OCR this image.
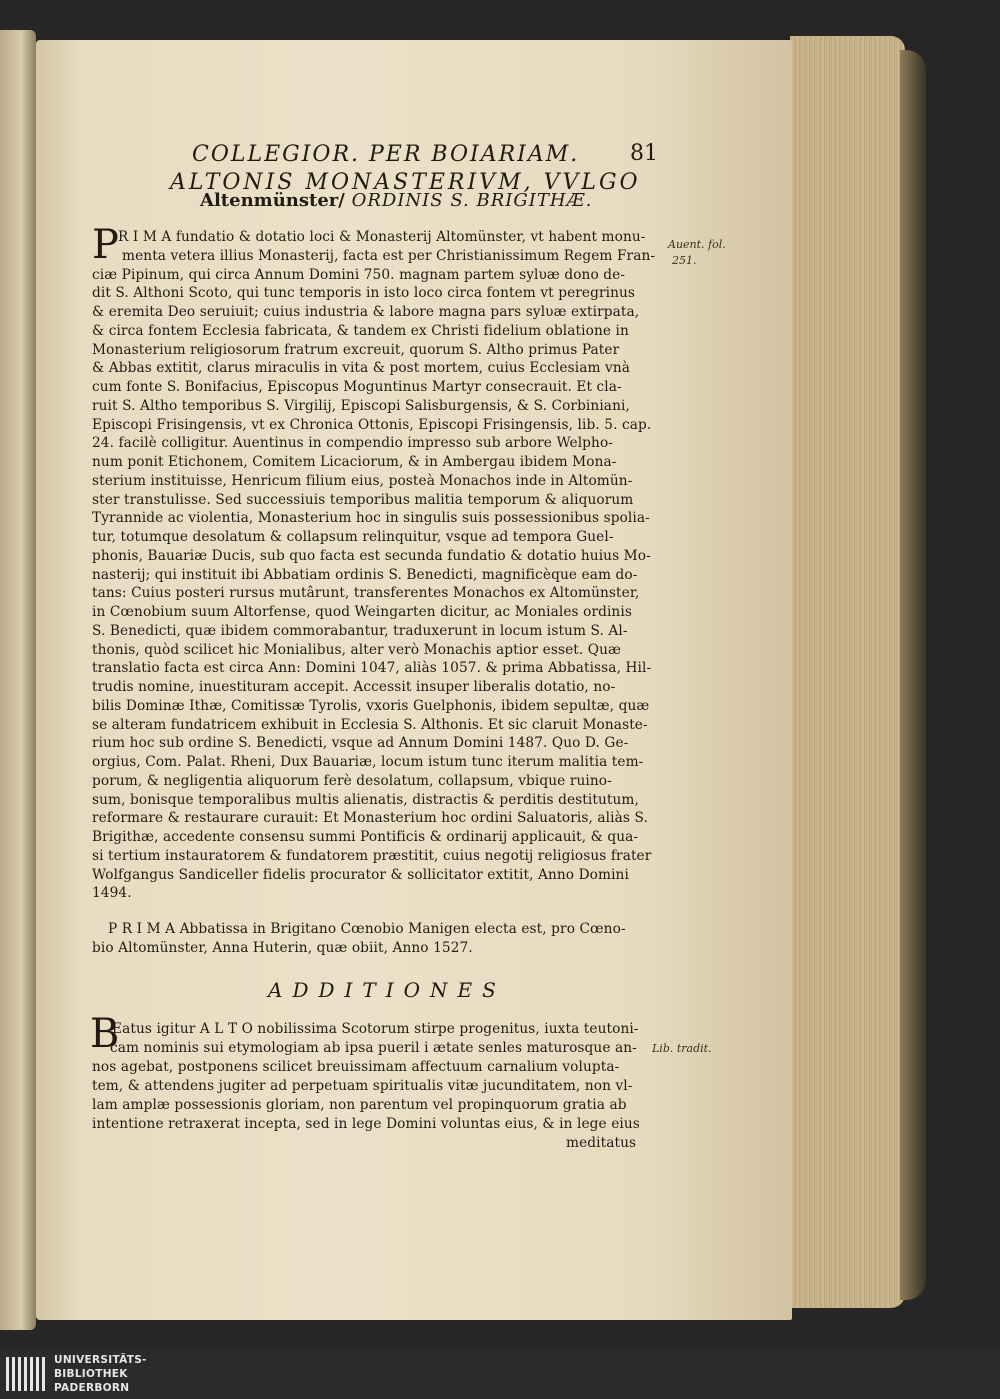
COLLEGIOR. PER BOIARIAM. 81
ALTONIS MONASTERIVM, VVLGO
Altenmünster/ ORDINIS S. BRIGITHÆ.
P R I M A fundatio & dotatio loci & Monasterij Altomünster, vt habent monu-
menta vetera illius Monasterij, facta est per Christianissimum Regem Fran-
ciæ Pipinum, qui circa Annum Domini 750. magnam partem sylυæ dono de-
dit S. Althoni Scoto, qui tunc temporis in isto loco circa fontem vt peregrinus
& eremita Deo seruiuit; cuius industria & labore magna pars sylυæ extirpata,
& circa fontem Ecclesia fabricata, & tandem ex Christi fidelium oblatione in
Monasterium religiosorum fratrum excreuit, quorum S. Altho primus Pater
& Abbas extitit, clarus miraculis in vita & post mortem, cuius Ecclesiam vnà
cum fonte S. Bonifacius, Episcopus Moguntinus Martyr consecrauit. Et cla-
ruit S. Altho temporibus S. Virgilij, Episcopi Salisburgensis, & S. Corbiniani,
Episcopi Frisingensis, vt ex Chronica Ottonis, Episcopi Frisingensis, lib. 5. cap.
24. facilè colligitur. Auentinus in compendio impresso sub arbore Welpho-
num ponit Etichonem, Comitem Licaciorum, & in Ambergau ibidem Mona-
sterium instituisse, Henricum filium eius, posteà Monachos inde in Altomün-
ster transtulisse. Sed successiuis temporibus malitia temporum & aliquorum
Tyrannide ac violentia, Monasterium hoc in singulis suis possessionibus spolia-
tur, totumque desolatum & collapsum relinquitur, vsque ad tempora Guel-
phonis, Bauariæ Ducis, sub quo facta est secunda fundatio & dotatio huius Mo-
nasterij; qui instituit ibi Abbatiam ordinis S. Benedicti, magnificèque eam do-
tans: Cuius posteri rursus mutârunt, transferentes Monachos ex Altomünster,
in Cœnobium suum Altorfense, quod Weingarten dicitur, ac Moniales ordinis
S. Benedicti, quæ ibidem commorabantur, traduxerunt in locum istum S. Al-
thonis, quòd scilicet hic Monialibus, alter verò Monachis aptior esset. Quæ
translatio facta est circa Ann: Domini 1047, aliàs 1057. & prima Abbatissa, Hil-
trudis nomine, inuestituram accepit. Accessit insuper liberalis dotatio, no-
bilis Dominæ Ithæ, Comitissæ Tyrolis, vxoris Guelphonis, ibidem sepultæ, quæ
se alteram fundatricem exhibuit in Ecclesia S. Althonis. Et sic claruit Monaste-
rium hoc sub ordine S. Benedicti, vsque ad Annum Domini 1487. Quo D. Ge-
orgius, Com. Palat. Rheni, Dux Bauariæ, locum istum tunc iterum malitia tem-
porum, & negligentia aliquorum ferè desolatum, collapsum, vbique ruino-
sum, bonisque temporalibus multis alienatis, distractis & perditis destitutum,
reformare & restaurare curauit: Et Monasterium hoc ordini Saluatoris, aliàs S.
Brigithæ, accedente consensu summi Pontificis & ordinarij applicauit, & qua-
si tertium instauratorem & fundatorem præstitit, cuius negotij religiosus frater
Wolfgangus Sandiceller fidelis procurator & sollicitator extitit, Anno Domini
1494.
P R I M A Abbatissa in Brigitano Cœnobio Manigen electa est, pro Cœno-
bio Altomünster, Anna Huterin, quæ obiit, Anno 1527.
ADDITIONES
B
Eatus igitur A L T O nobilissima Scotorum stirpe progenitus, iuxta teutoni-
cam nominis sui etymologiam ab ipsa pueril i ætate senles maturosque an-
nos agebat, postponens scilicet breuissimam affectuum carnalium volupta-
tem, & attendens jugiter ad perpetuam spiritualis vitæ jucunditatem, non vl-
lam amplæ possessionis gloriam, non parentum vel propinquorum gratia ab
intentione retraxerat incepta, sed in lege Domini voluntas eius, & in lege eius
meditatus
Auent. fol.
251.
Lib. tradit.
UNIVERSITÄTS-
BIBLIOTHEK
PADERBORN
